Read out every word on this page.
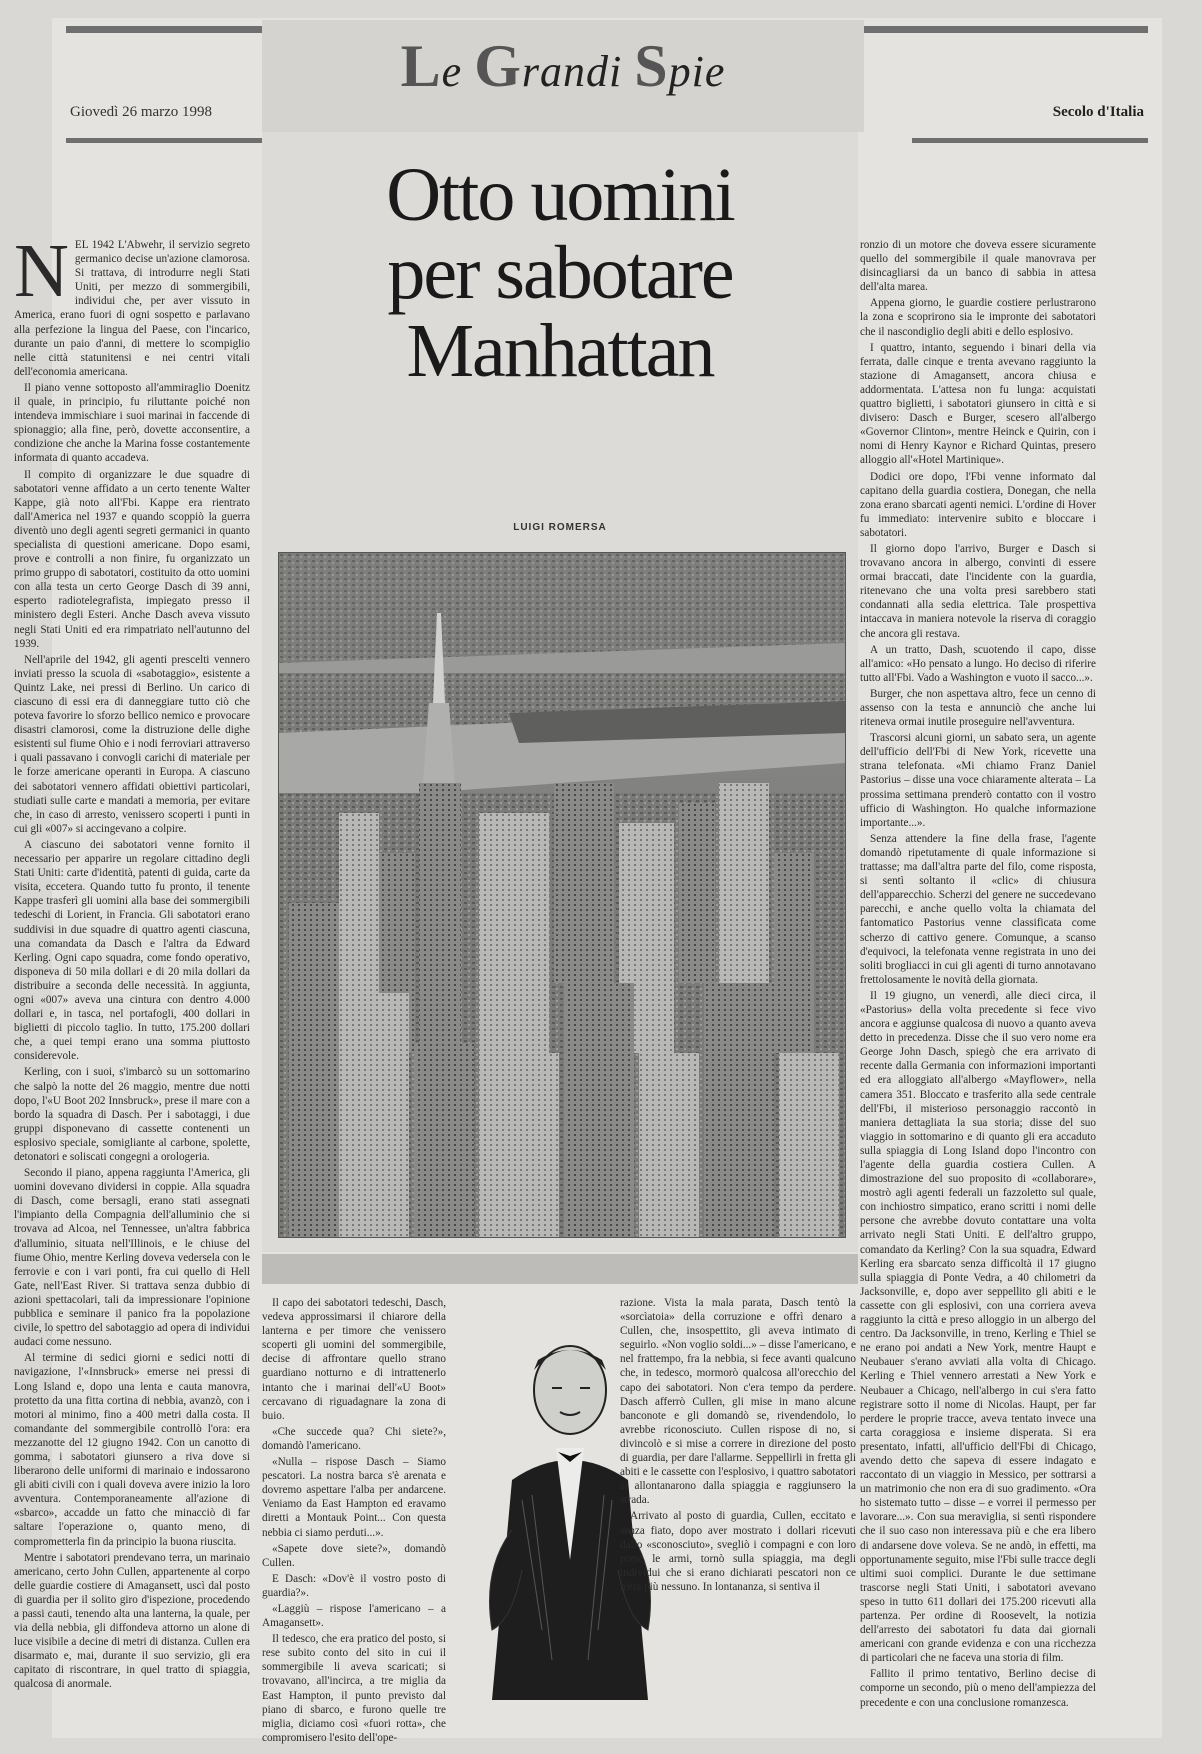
Giovedì 26 marzo 1998	Secolo d'Italia
Le Grandi Spie
Otto uomini
per sabotare
Manhattan
LUIGI ROMERSA
N EL 1942 L'Abwehr, il servizio segreto germanico decise un'azione clamorosa. Si trattava, di introdurre negli Stati Uniti, per mezzo di sommergibili, individui che, per aver vissuto in America, erano fuori di ogni sospetto e parlavano alla perfezione la lingua del Paese, con l'incarico, durante un paio d'anni, di mettere lo scompiglio nelle città statunitensi e nei centri vitali dell'economia americana.

Il piano venne sottoposto all'ammiraglio Doenitz il quale, in principio, fu riluttante poiché non intendeva immischiare i suoi marinai in faccende di spionaggio; alla fine, però, dovette acconsentire, a condizione che anche la Marina fosse costantemente informata di quanto accadeva.

Il compito di organizzare le due squadre di sabotatori venne affidato a un certo tenente Walter Kappe, già noto all'Fbi. Kappe era rientrato dall'America nel 1937 e quando scoppiò la guerra diventò uno degli agenti segreti germanici in quanto specialista di questioni americane. Dopo esami, prove e controlli a non finire, fu organizzato un primo gruppo di sabotatori, costituito da otto uomini con alla testa un certo George Dasch di 39 anni, esperto radiotelegrafista, impiegato presso il ministero degli Esteri. Anche Dasch aveva vissuto negli Stati Uniti ed era rimpatriato nell'autunno del 1939.

Nell'aprile del 1942, gli agenti prescelti vennero inviati presso la scuola di «sabotaggio», esistente a Quintz Lake, nei pressi di Berlino. Un carico di ciascuno di essi era di danneggiare tutto ciò che poteva favorire lo sforzo bellico nemico e provocare disastri clamorosi, come la distruzione delle dighe esistenti sul fiume Ohio e i nodi ferroviari attraverso i quali passavano i convogli carichi di materiale per le forze americane operanti in Europa. A ciascuno dei sabotatori vennero affidati obiettivi particolari, studiati sulle carte e mandati a memoria, per evitare che, in caso di arresto, venissero scoperti i punti in cui gli «007» si accingevano a colpire.

A ciascuno dei sabotatori venne fornito il necessario per apparire un regolare cittadino degli Stati Uniti: carte d'identità, patenti di guida, carte da visita, eccetera. Quando tutto fu pronto, il tenente Kappe trasferì gli uomini alla base dei sommergibili tedeschi di Lorient, in Francia. Gli sabotatori erano suddivisi in due squadre di quattro agenti ciascuna, una comandata da Dasch e l'altra da Edward Kerling. Ogni capo squadra, come fondo operativo, disponeva di 50 mila dollari e di 20 mila dollari da distribuire a seconda delle necessità. In aggiunta, ogni «007» aveva una cintura con dentro 4.000 dollari e, in tasca, nel portafogli, 400 dollari in biglietti di piccolo taglio. In tutto, 175.200 dollari che, a quei tempi erano una somma piuttosto considerevole.

Kerling, con i suoi, s'imbarcò su un sottomarino che salpò la notte del 26 maggio, mentre due notti dopo, l'«U Boot 202 Innsbruck», prese il mare con a bordo la squadra di Dasch. Per i sabotaggi, i due gruppi disponevano di cassette contenenti un esplosivo speciale, somigliante al carbone, spolette, detonatori e soliscati congegni a orologeria.

Secondo il piano, appena raggiunta l'America, gli uomini dovevano dividersi in coppie. Alla squadra di Dasch, come bersagli, erano stati assegnati l'impianto della Compagnia dell'alluminio che si trovava ad Alcoa, nel Tennessee, un'altra fabbrica d'alluminio, situata nell'Illinois, e le chiuse del fiume Ohio, mentre Kerling doveva vedersela con le ferrovie e con i vari ponti, fra cui quello di Hell Gate, nell'East River. Si trattava senza dubbio di azioni spettacolari, tali da impressionare l'opinione pubblica e seminare il panico fra la popolazione civile, lo spettro del sabotaggio ad opera di individui audaci come nessuno.

Al termine di sedici giorni e sedici notti di navigazione, l'«Innsbruck» emerse nei pressi di Long Island e, dopo una lenta e cauta manovra, protetto da una fitta cortina di nebbia, avanzò, con i motori al minimo, fino a 400 metri dalla costa. Il comandante del sommergibile controllò l'ora: era mezzanotte del 12 giugno 1942. Con un canotto di gomma, i sabotatori giunsero a riva dove si liberarono delle uniformi di marinaio e indossarono gli abiti civili con i quali doveva avere inizio la loro avventura. Contemporaneamente all'azione di «sbarco», accadde un fatto che minacciò di far saltare l'operazione o, quanto meno, di comprometterla fin da principio la buona riuscita.

Mentre i sabotatori prendevano terra, un marinaio americano, certo John Cullen, appartenente al corpo delle guardie costiere di Amagansett, uscì dal posto di guardia per il solito giro d'ispezione, procedendo a passi cauti, tenendo alta una lanterna, la quale, per via della nebbia, gli diffondeva attorno un alone di luce visibile a decine di metri di distanza. Cullen era disarmato e, mai, durante il suo servizio, gli era capitato di riscontrare, in quel tratto di spiaggia, qualcosa di anormale.

Il capo dei sabotatori tedeschi, Dasch, vedeva approssimarsi il chiarore della lanterna e per timore che venissero scoperti gli uomini del sommergibile, decise di affrontare quello strano guardiano notturno e di intrattenerlo intanto che i marinai dell'«U Boot» cercavano di riguadagnare la zona di buio.

«Che succede qua? Chi siete?», domandò l'americano.

«Nulla – rispose Dasch – Siamo pescatori. La nostra barca s'è arenata e dovremo aspettare l'alba per andarcene. Veniamo da East Hampton ed eravamo diretti a Montauk Point... Con questa nebbia ci siamo perduti...».

«Sapete dove siete?», domandò Cullen.

E Dasch: «Dov'è il vostro posto di guardia?».

«Laggiù – rispose l'americano – a Amagansett».

Il tedesco, che era pratico del posto, si rese subito conto del sito in cui il sommergibile li aveva scaricati; si trovavano, all'incirca, a tre miglia da East Hampton, il punto previsto dal piano di sbarco, e furono quelle tre miglia, diciamo così «fuori rotta», che compromisero l'esito dell'ope-

razione. Vista la mala parata, Dasch tentò la «sorcìatoia» della corruzione e offrì denaro a Cullen, che, insospettito, gli aveva intimato di seguirlo. «Non voglio soldi...» – disse l'americano, e nel frattempo, fra la nebbia, si fece avanti qualcuno che, in tedesco, mormorò qualcosa all'orecchio del capo dei sabotatori. Non c'era tempo da perdere. Dasch afferrò Cullen, gli mise in mano alcune banconote e gli domandò se, rivendendolo, lo avrebbe riconosciuto. Cullen rispose di no, si divincolò e si mise a correre in direzione del posto di guardia, per dare l'allarme. Seppellirli in fretta gli abiti e le cassette con l'esplosivo, i quattro sabotatori si allontanarono dalla spiaggia e raggiunsero la strada.

Arrivato al posto di guardia, Cullen, eccitato e senza fiato, dopo aver mostrato i dollari ricevuti dallo «sconosciuto», svegliò i compagni e con loro prese le armi, tornò sulla spiaggia, ma degli individui che si erano dichiarati pescatori non ce n'era più nessuno. In lontananza, si sentiva il

ronzio di un motore che doveva essere sicuramente quello del sommergibile il quale manovrava per disincagliarsi da un banco di sabbia in attesa dell'alta marea.

Appena giorno, le guardie costiere perlustrarono la zona e scoprirono sia le impronte dei sabotatori che il nascondiglio degli abiti e dello esplosivo.

I quattro, intanto, seguendo i binari della via ferrata, dalle cinque e trenta avevano raggiunto la stazione di Amagansett, ancora chiusa e addormentata. L'attesa non fu lunga: acquistati quattro biglietti, i sabotatori giunsero in città e si divisero: Dasch e Burger, scesero all'albergo «Governor Clinton», mentre Heinck e Quirin, con i nomi di Henry Kaynor e Richard Quintas, presero alloggio all'«Hotel Martinique».

Dodici ore dopo, l'Fbi venne informato dal capitano della guardia costiera, Donegan, che nella zona erano sbarcati agenti nemici. L'ordine di Hover fu immediato: intervenire subito e bloccare i sabotatori.

Il giorno dopo l'arrivo, Burger e Dasch si trovavano ancora in albergo, convinti di essere ormai braccati, date l'incidente con la guardia, ritenevano che una volta presi sarebbero stati condannati alla sedia elettrica. Tale prospettiva intaccava in maniera notevole la riserva di coraggio che ancora gli restava.

A un tratto, Dash, scuotendo il capo, disse all'amico: «Ho pensato a lungo. Ho deciso di riferire tutto all'Fbi. Vado a Washington e vuoto il sacco...».

Burger, che non aspettava altro, fece un cenno di assenso con la testa e annunciò che anche lui riteneva ormai inutile proseguire nell'avventura.

Trascorsi alcuni giorni, un sabato sera, un agente dell'ufficio dell'Fbi di New York, ricevette una strana telefonata. «Mi chiamo Franz Daniel Pastorius – disse una voce chiaramente alterata – La prossima settimana prenderò contatto con il vostro ufficio di Washington. Ho qualche informazione importante...».

Senza attendere la fine della frase, l'agente domandò ripetutamente di quale informazione si trattasse; ma dall'altra parte del filo, come risposta, si sentì soltanto il «clic» di chiusura dell'apparecchio. Scherzi del genere ne succedevano parecchi, e anche quello volta la chiamata del fantomatico Pastorius venne classificata come scherzo di cattivo genere. Comunque, a scanso d'equivoci, la telefonata venne registrata in uno dei soliti brogliacci in cui gli agenti di turno annotavano frettolosamente le novità della giornata.

Il 19 giugno, un venerdì, alle dieci circa, il «Pastorius» della volta precedente si fece vivo ancora e aggiunse qualcosa di nuovo a quanto aveva detto in precedenza. Disse che il suo vero nome era George John Dasch, spiegò che era arrivato di recente dalla Germania con informazioni importanti ed era alloggiato all'albergo «Mayflower», nella camera 351. Bloccato e trasferito alla sede centrale dell'Fbi, il misterioso personaggio raccontò in maniera dettagliata la sua storia; disse del suo viaggio in sottomarino e di quanto gli era accaduto sulla spiaggia di Long Island dopo l'incontro con l'agente della guardia costiera Cullen. A dimostrazione del suo proposito di «collaborare», mostrò agli agenti federali un fazzoletto sul quale, con inchiostro simpatico, erano scritti i nomi delle persone che avrebbe dovuto contattare una volta arrivato negli Stati Uniti. E dell'altro gruppo, comandato da Kerling? Con la sua squadra, Edward Kerling era sbarcato senza difficoltà il 17 giugno sulla spiaggia di Ponte Vedra, a 40 chilometri da Jacksonville, e, dopo aver seppellito gli abiti e le cassette con gli esplosivi, con una corriera aveva raggiunto la città e preso alloggio in un albergo del centro. Da Jacksonville, in treno, Kerling e Thiel se ne erano poi andati a New York, mentre Haupt e Neubauer s'erano avviati alla volta di Chicago. Kerling e Thiel vennero arrestati a New York e Neubauer a Chicago, nell'albergo in cui s'era fatto registrare sotto il nome di Nicolas. Haupt, per far perdere le proprie tracce, aveva tentato invece una carta coraggiosa e insieme disperata. Si era presentato, infatti, all'ufficio dell'Fbi di Chicago, avendo detto che sapeva di essere indagato e raccontato di un viaggio in Messico, per sottrarsi a un matrimonio che non era di suo gradimento. «Ora ho sistemato tutto – disse – e vorrei il permesso per lavorare...». Con sua meraviglia, si sentì rispondere che il suo caso non interessava più e che era libero di andarsene dove voleva. Se ne andò, in effetti, ma opportunamente seguito, mise l'Fbi sulle tracce degli ultimi suoi complici. Durante le due settimane trascorse negli Stati Uniti, i sabotatori avevano speso in tutto 611 dollari dei 175.200 ricevuti alla partenza. Per ordine di Roosevelt, la notizia dell'arresto dei sabotatori fu data dai giornali americani con grande evidenza e con una ricchezza di particolari che ne faceva una storia di film.

Fallito il primo tentativo, Berlino decise di comporne un secondo, più o meno dell'ampiezza del precedente e con una conclusione romanzesca.
